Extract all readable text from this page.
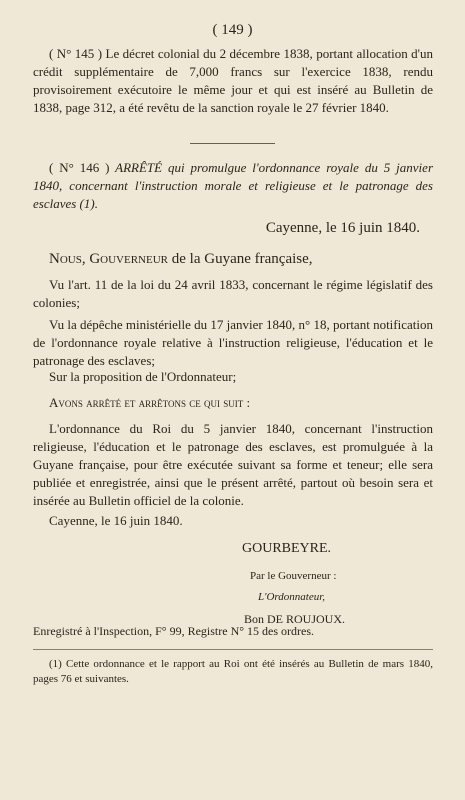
( 149 )
( N° 145 ) Le décret colonial du 2 décembre 1838, portant allocation d'un crédit supplémentaire de 7,000 francs sur l'exercice 1838, rendu provisoirement exécutoire le même jour et qui est inséré au Bulletin de 1838, page 312, a été revêtu de la sanction royale le 27 février 1840.
( N° 146 ) ARRÊTÉ qui promulgue l'ordonnance royale du 5 janvier 1840, concernant l'instruction morale et religieuse et le patronage des esclaves (1).
Cayenne, le 16 juin 1840.
Nous, Gouverneur de la Guyane française,
Vu l'art. 11 de la loi du 24 avril 1833, concernant le régime législatif des colonies;
Vu la dépêche ministérielle du 17 janvier 1840, n° 18, portant notification de l'ordonnance royale relative à l'instruction religieuse, l'éducation et le patronage des esclaves;
Sur la proposition de l'Ordonnateur;
Avons arrêté et arrêtons ce qui suit :
L'ordonnance du Roi du 5 janvier 1840, concernant l'instruction religieuse, l'éducation et le patronage des esclaves, est promulguée à la Guyane française, pour être exécutée suivant sa forme et teneur; elle sera publiée et enregistrée, ainsi que le présent arrêté, partout où besoin sera et insérée au Bulletin officiel de la colonie.
Cayenne, le 16 juin 1840.
GOURBEYRE.
Par le Gouverneur :
L'Ordonnateur,
Bon DE ROUJOUX.
Enregistré à l'Inspection, F° 99, Registre N° 15 des ordres.
(1) Cette ordonnance et le rapport au Roi ont été insérés au Bulletin de mars 1840, pages 76 et suivantes.
